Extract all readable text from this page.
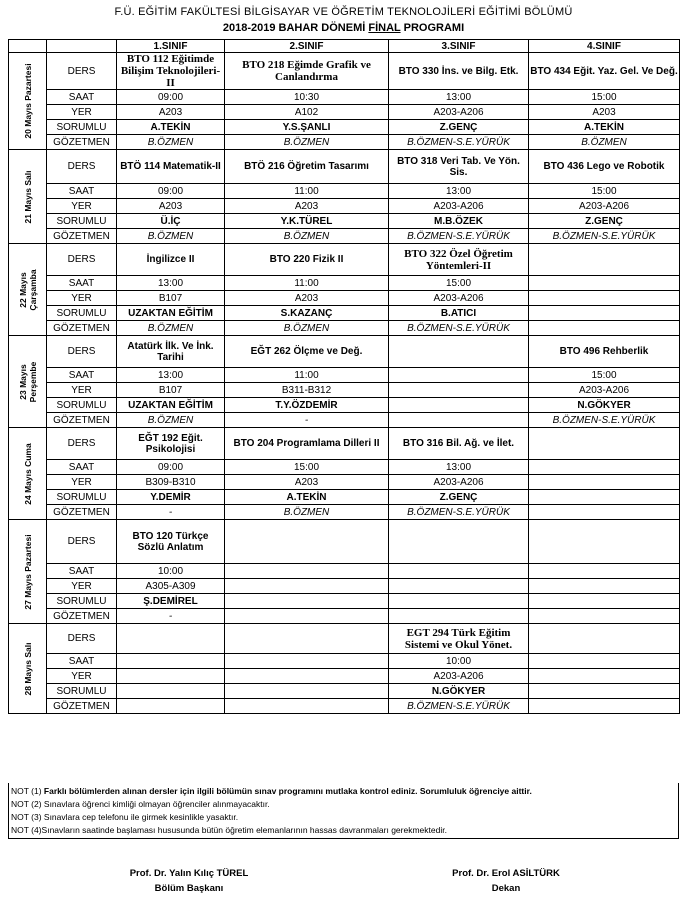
F.Ü. EĞİTİM FAKÜLTESİ BİLGİSAYAR VE ÖĞRETİM TEKNOLOJİLERİ EĞİTİMİ BÖLÜMÜ
2018-2019 BAHAR DÖNEMİ FİNAL PROGRAMI
		1.SINIF	2.SINIF	3.SINIF	4.SINIF

20 Mayıs Pazartesi	DERS	BTO 112 Eğitimde Bilişim Teknolojileri-II	BTO 218 Eğimde Grafik ve Canlandırma	BTO 330 İns. ve Bilg. Etk.	BTO 434 Eğit. Yaz. Gel. Ve Değ.
	SAAT	09:00	10:30	13:00	15:00
	YER	A203	A102	A203-A206	A203
	SORUMLU	A.TEKİN	Y.S.ŞANLI	Z.GENÇ	A.TEKİN
	GÖZETMEN	B.ÖZMEN	B.ÖZMEN	B.ÖZMEN-S.E.YÜRÜK	B.ÖZMEN

21 Mayıs Salı	DERS	BTÖ 114 Matematik-II	BTÖ 216 Öğretim Tasarımı	BTO 318 Veri Tab. Ve Yön. Sis.	BTO 436 Lego ve Robotik
	SAAT	09:00	11:00	13:00	15:00
	YER	A203	A203	A203-A206	A203-A206
	SORUMLU	Ü.İÇ	Y.K.TÜREL	M.B.ÖZEK	Z.GENÇ
	GÖZETMEN	B.ÖZMEN	B.ÖZMEN	B.ÖZMEN-S.E.YÜRÜK	B.ÖZMEN-S.E.YÜRÜK

22 Mayıs Çarşamba	DERS	İngilizce II	BTO 220 Fizik II	BTO 322 Özel Öğretim Yöntemleri-II	
	SAAT	13:00	11:00	15:00	
	YER	B107	A203	A203-A206	
	SORUMLU	UZAKTAN EĞİTİM	S.KAZANÇ	B.ATICI	
	GÖZETMEN	B.ÖZMEN	B.ÖZMEN	B.ÖZMEN-S.E.YÜRÜK	

23 Mayıs Perşembe	DERS	Atatürk İlk. Ve İnk. Tarihi	EĞT 262 Ölçme ve Değ.		BTO 496 Rehberlik
	SAAT	13:00	11:00		15:00
	YER	B107	B311-B312		A203-A206
	SORUMLU	UZAKTAN EĞİTİM	T.Y.ÖZDEMİR		N.GÖKYER
	GÖZETMEN	B.ÖZMEN	-		B.ÖZMEN-S.E.YÜRÜK

24 Mayıs Cuma	DERS	EĞT 192 Eğit. Psikolojisi	BTO 204 Programlama Dilleri II	BTO 316 Bil. Ağ. ve İlet.	
	SAAT	09:00	15:00	13:00	
	YER	B309-B310	A203	A203-A206	
	SORUMLU	Y.DEMİR	A.TEKİN	Z.GENÇ	
	GÖZETMEN	-	B.ÖZMEN	B.ÖZMEN-S.E.YÜRÜK	

27 Mayıs Pazartesi	DERS	BTO 120 Türkçe Sözlü Anlatım			
	SAAT	10:00			
	YER	A305-A309			
	SORUMLU	Ş.DEMİREL			
	GÖZETMEN	-			

28 Mayıs Salı	DERS			EGT 294 Türk Eğitim Sistemi ve Okul Yönet.	
	SAAT			10:00	
	YER			A203-A206	
	SORUMLU			N.GÖKYER	
	GÖZETMEN			B.ÖZMEN-S.E.YÜRÜK	
NOT (1) Farklı bölümlerden alınan dersler için ilgili bölümün sınav programını mutlaka kontrol ediniz. Sorumluluk öğrenciye aittir.
NOT (2) Sınavlara öğrenci kimliği olmayan öğrenciler alınmayacaktır.
NOT (3) Sınavlara cep telefonu ile girmek kesinlikle yasaktır.
NOT (4)Sınavların saatinde başlaması hususunda bütün öğretim elemanlarının hassas davranmaları gerekmektedir.
Prof. Dr. Yalın Kılıç TÜREL
Bölüm Başkanı
Prof. Dr. Erol ASİLTÜRK
Dekan
